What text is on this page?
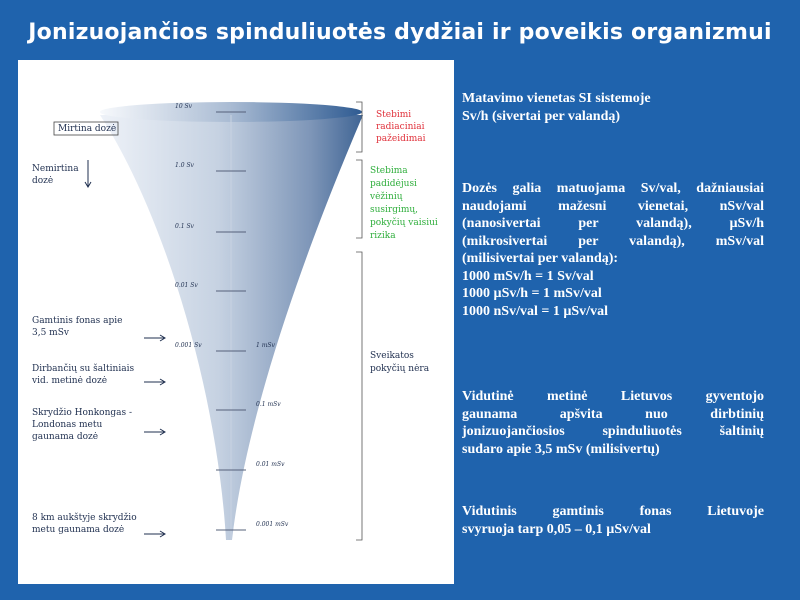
Jonizuojančios spinduliuotės dydžiai ir poveikis organizmui
10 Sv
1.0 Sv
0.1 Sv
0.01 Sv
0.001 Sv	1 mSv
0.1 mSv
0.01 mSv
0.001 mSv
Mirtina dozė
Nemirtina
dozė
Gamtinis fonas apie
3,5 mSv
Dirbančių su šaltiniais
vid. metinė dozė
Skrydžio Honkongas -
Londonas metu
gaunama dozė
8 km aukštyje skrydžio
metu gaunama dozė
Stebimi
radiaciniai
pažeidimai
Stebima
padidėjusi
vėžinių
susirgimų,
pokyčių vaisiui
rizika
Sveikatos
pokyčių nėra
Matavimo vienetas SI sistemoje
Sv/h (sivertai per valandą)
Dozės galia matuojama Sv/val, dažniausiai
naudojami mažesni vienetai, nSv/val
(nanosivertai per valandą), µSv/h
(mikrosivertai per valandą), mSv/val
(milisivertai per valandą):
1000 mSv/h = 1 Sv/val
1000 µSv/h = 1 mSv/val
1000 nSv/val = 1 µSv/val
Vidutinė metinė Lietuvos gyventojo
gaunama apšvita nuo dirbtinių
jonizuojančiosios spinduliuotės šaltinių
sudaro apie 3,5 mSv (milisivertų)
Vidutinis gamtinis fonas Lietuvoje
svyruoja tarp 0,05 – 0,1 µSv/val
